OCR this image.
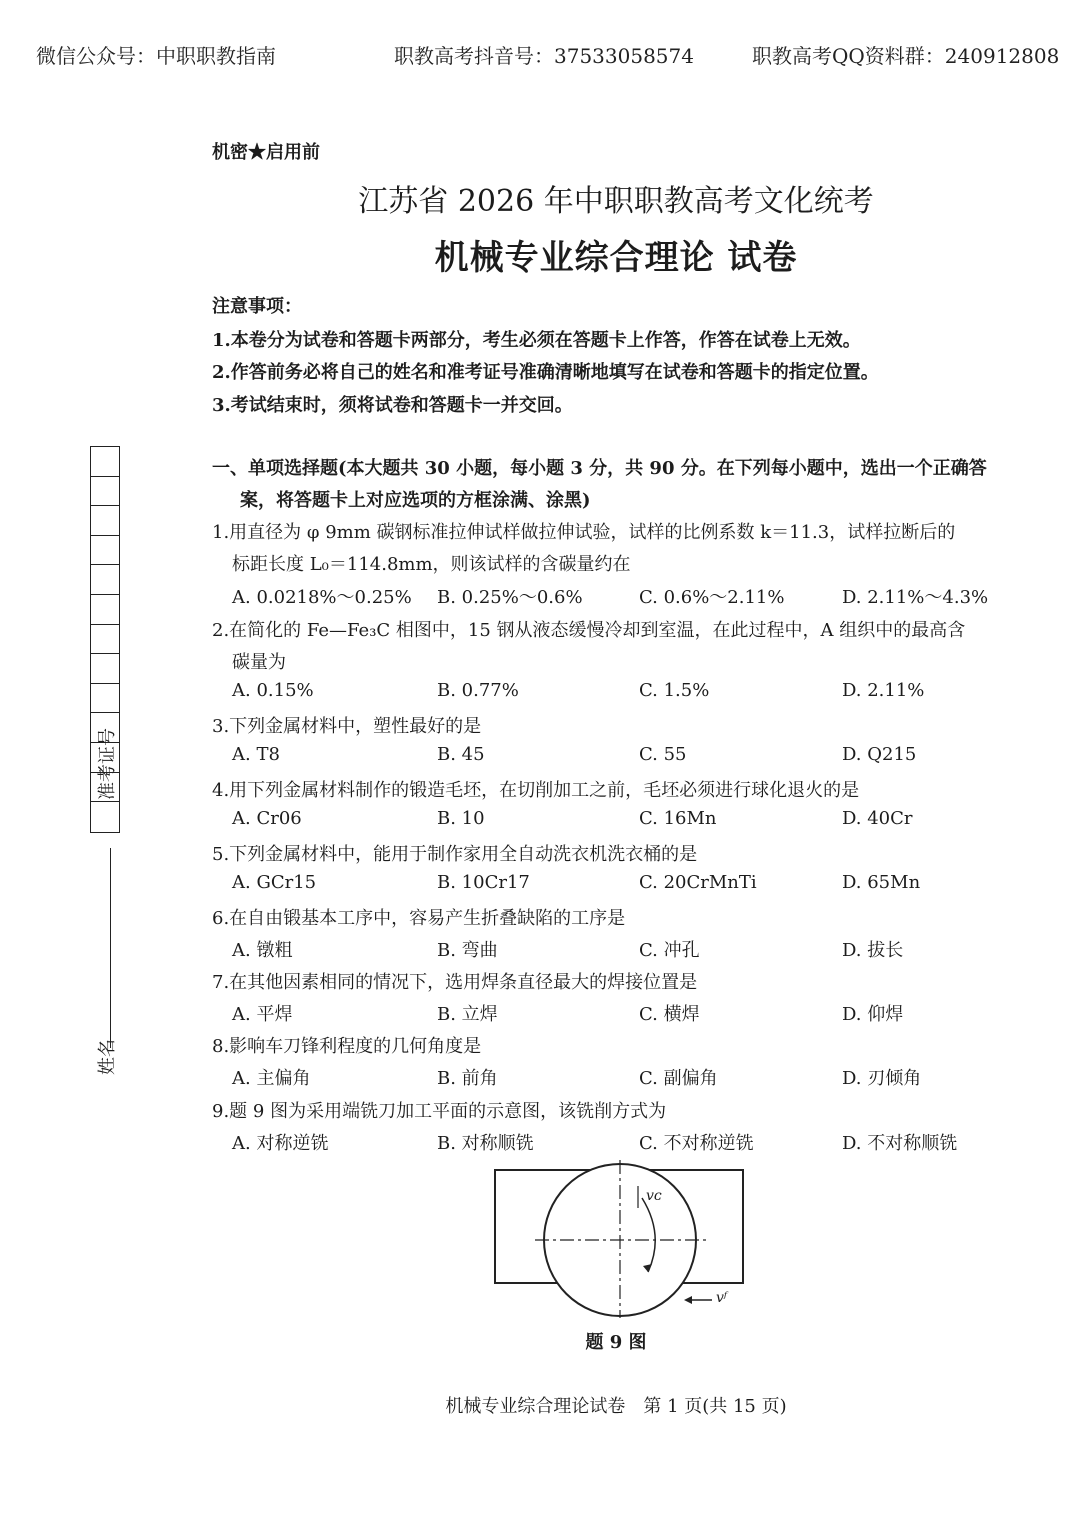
微信公众号：中职职教指南	职教高考抖音号：37533058574	职教高考QQ资料群：240912808
机密★启用前
江苏省 2026 年中职职教高考文化统考
机械专业综合理论 试卷
注意事项：
1.本卷分为试卷和答题卡两部分，考生必须在答题卡上作答，作答在试卷上无效。
2.作答前务必将自己的姓名和准考证号准确清晰地填写在试卷和答题卡的指定位置。
3.考试结束时，须将试卷和答题卡一并交回。
准考证号
姓名
一、单项选择题(本大题共 30 小题，每小题 3 分，共 90 分。在下列每小题中，选出一个正确答
案，将答题卡上对应选项的方框涂满、涂黑)
1.用直径为 φ 9mm 碳钢标准拉伸试样做拉伸试验，试样的比例系数 k＝11.3，试样拉断后的
标距长度 L₀＝114.8mm，则该试样的含碳量约在
A. 0.0218%～0.25% B. 0.25%～0.6%	C. 0.6%～2.11%	D. 2.11%～4.3%
2.在简化的 Fe—Fe₃C 相图中，15 钢从液态缓慢冷却到室温，在此过程中，A 组织中的最高含
碳量为
A. 0.15%	B. 0.77%	C. 1.5%	D. 2.11%
3.下列金属材料中，塑性最好的是
A. T8	B. 45	C. 55	D. Q215
4.用下列金属材料制作的锻造毛坯，在切削加工之前，毛坯必须进行球化退火的是
A. Cr06	B. 10	C. 16Mn	D. 40Cr
5.下列金属材料中，能用于制作家用全自动洗衣机洗衣桶的是
A. GCr15	B. 10Cr17	C. 20CrMnTi	D. 65Mn
6.在自由锻基本工序中，容易产生折叠缺陷的工序是
A. 镦粗	B. 弯曲	C. 冲孔	D. 拔长
7.在其他因素相同的情况下，选用焊条直径最大的焊接位置是
A. 平焊	B. 立焊	C. 横焊	D. 仰焊
8.影响车刀锋利程度的几何角度是
A. 主偏角	B. 前角	C. 副偏角	D. 刃倾角
9.题 9 图为采用端铣刀加工平面的示意图，该铣削方式为
A. 对称逆铣	B. 对称顺铣	C. 不对称逆铣	D. 不对称顺铣
vᴄ
vᶠ
题 9 图
机械专业综合理论试卷　第 1 页(共 15 页)
